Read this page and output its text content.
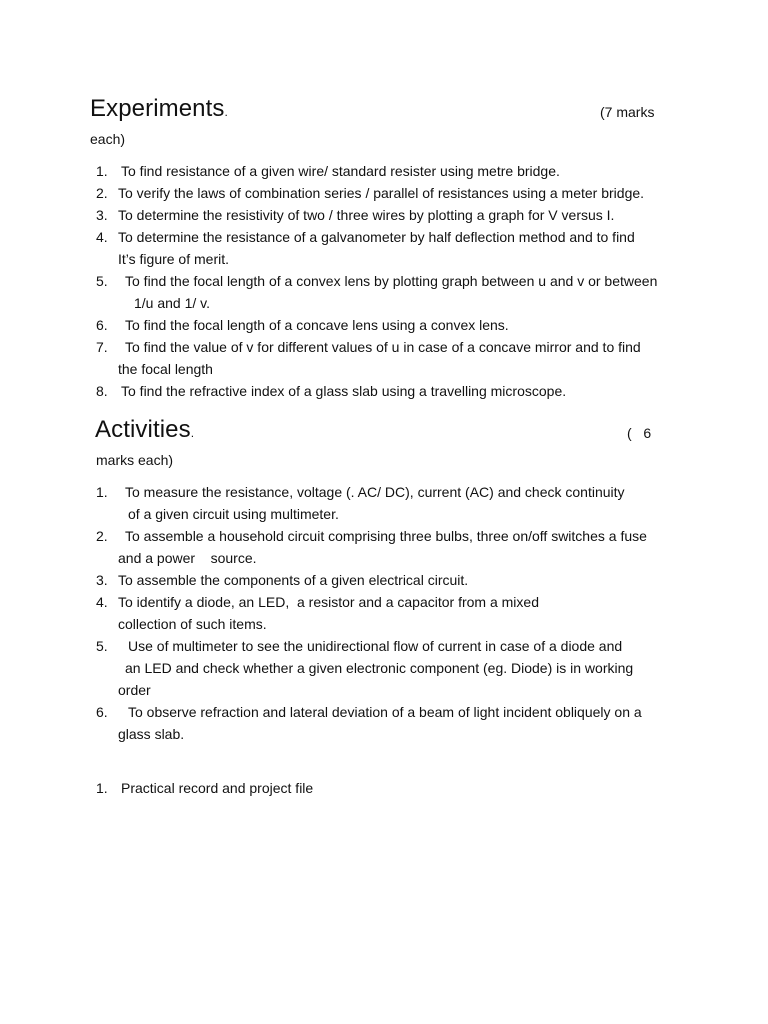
Experiments.	(7 marks
each)
1. To find resistance of a given wire/ standard resister using metre bridge.
2. To verify the laws of combination series / parallel of resistances using a meter bridge.
3. To determine the resistivity of two / three wires by plotting a graph for V versus I.
4. To determine the resistance of a galvanometer by half deflection method and to find
It’s figure of merit.
5.	To find the focal length of a convex lens by plotting graph between u and v or between
1/u and 1/ v.
6.	To find the focal length of a concave lens using a convex lens.
7.	To find the value of v for different values of u in case of a concave mirror and to find
the focal length
8. To find the refractive index of a glass slab using a travelling microscope.
Activities.	(   6
marks each)
1.	To measure the resistance, voltage (. AC/ DC), current (AC) and check continuity
of a given circuit using multimeter.
2.	To assemble a household circuit comprising three bulbs, three on/off switches a fuse
and a power    source.
3. To assemble the components of a given electrical circuit.
4. To identify a diode, an LED,  a resistor and a capacitor from a mixed
collection of such items.
5.	Use of multimeter to see the unidirectional flow of current in case of a diode and
an LED and check whether a given electronic component (eg. Diode) is in working
order
6.	To observe refraction and lateral deviation of a beam of light incident obliquely on a
glass slab.
1. Practical record and project file
